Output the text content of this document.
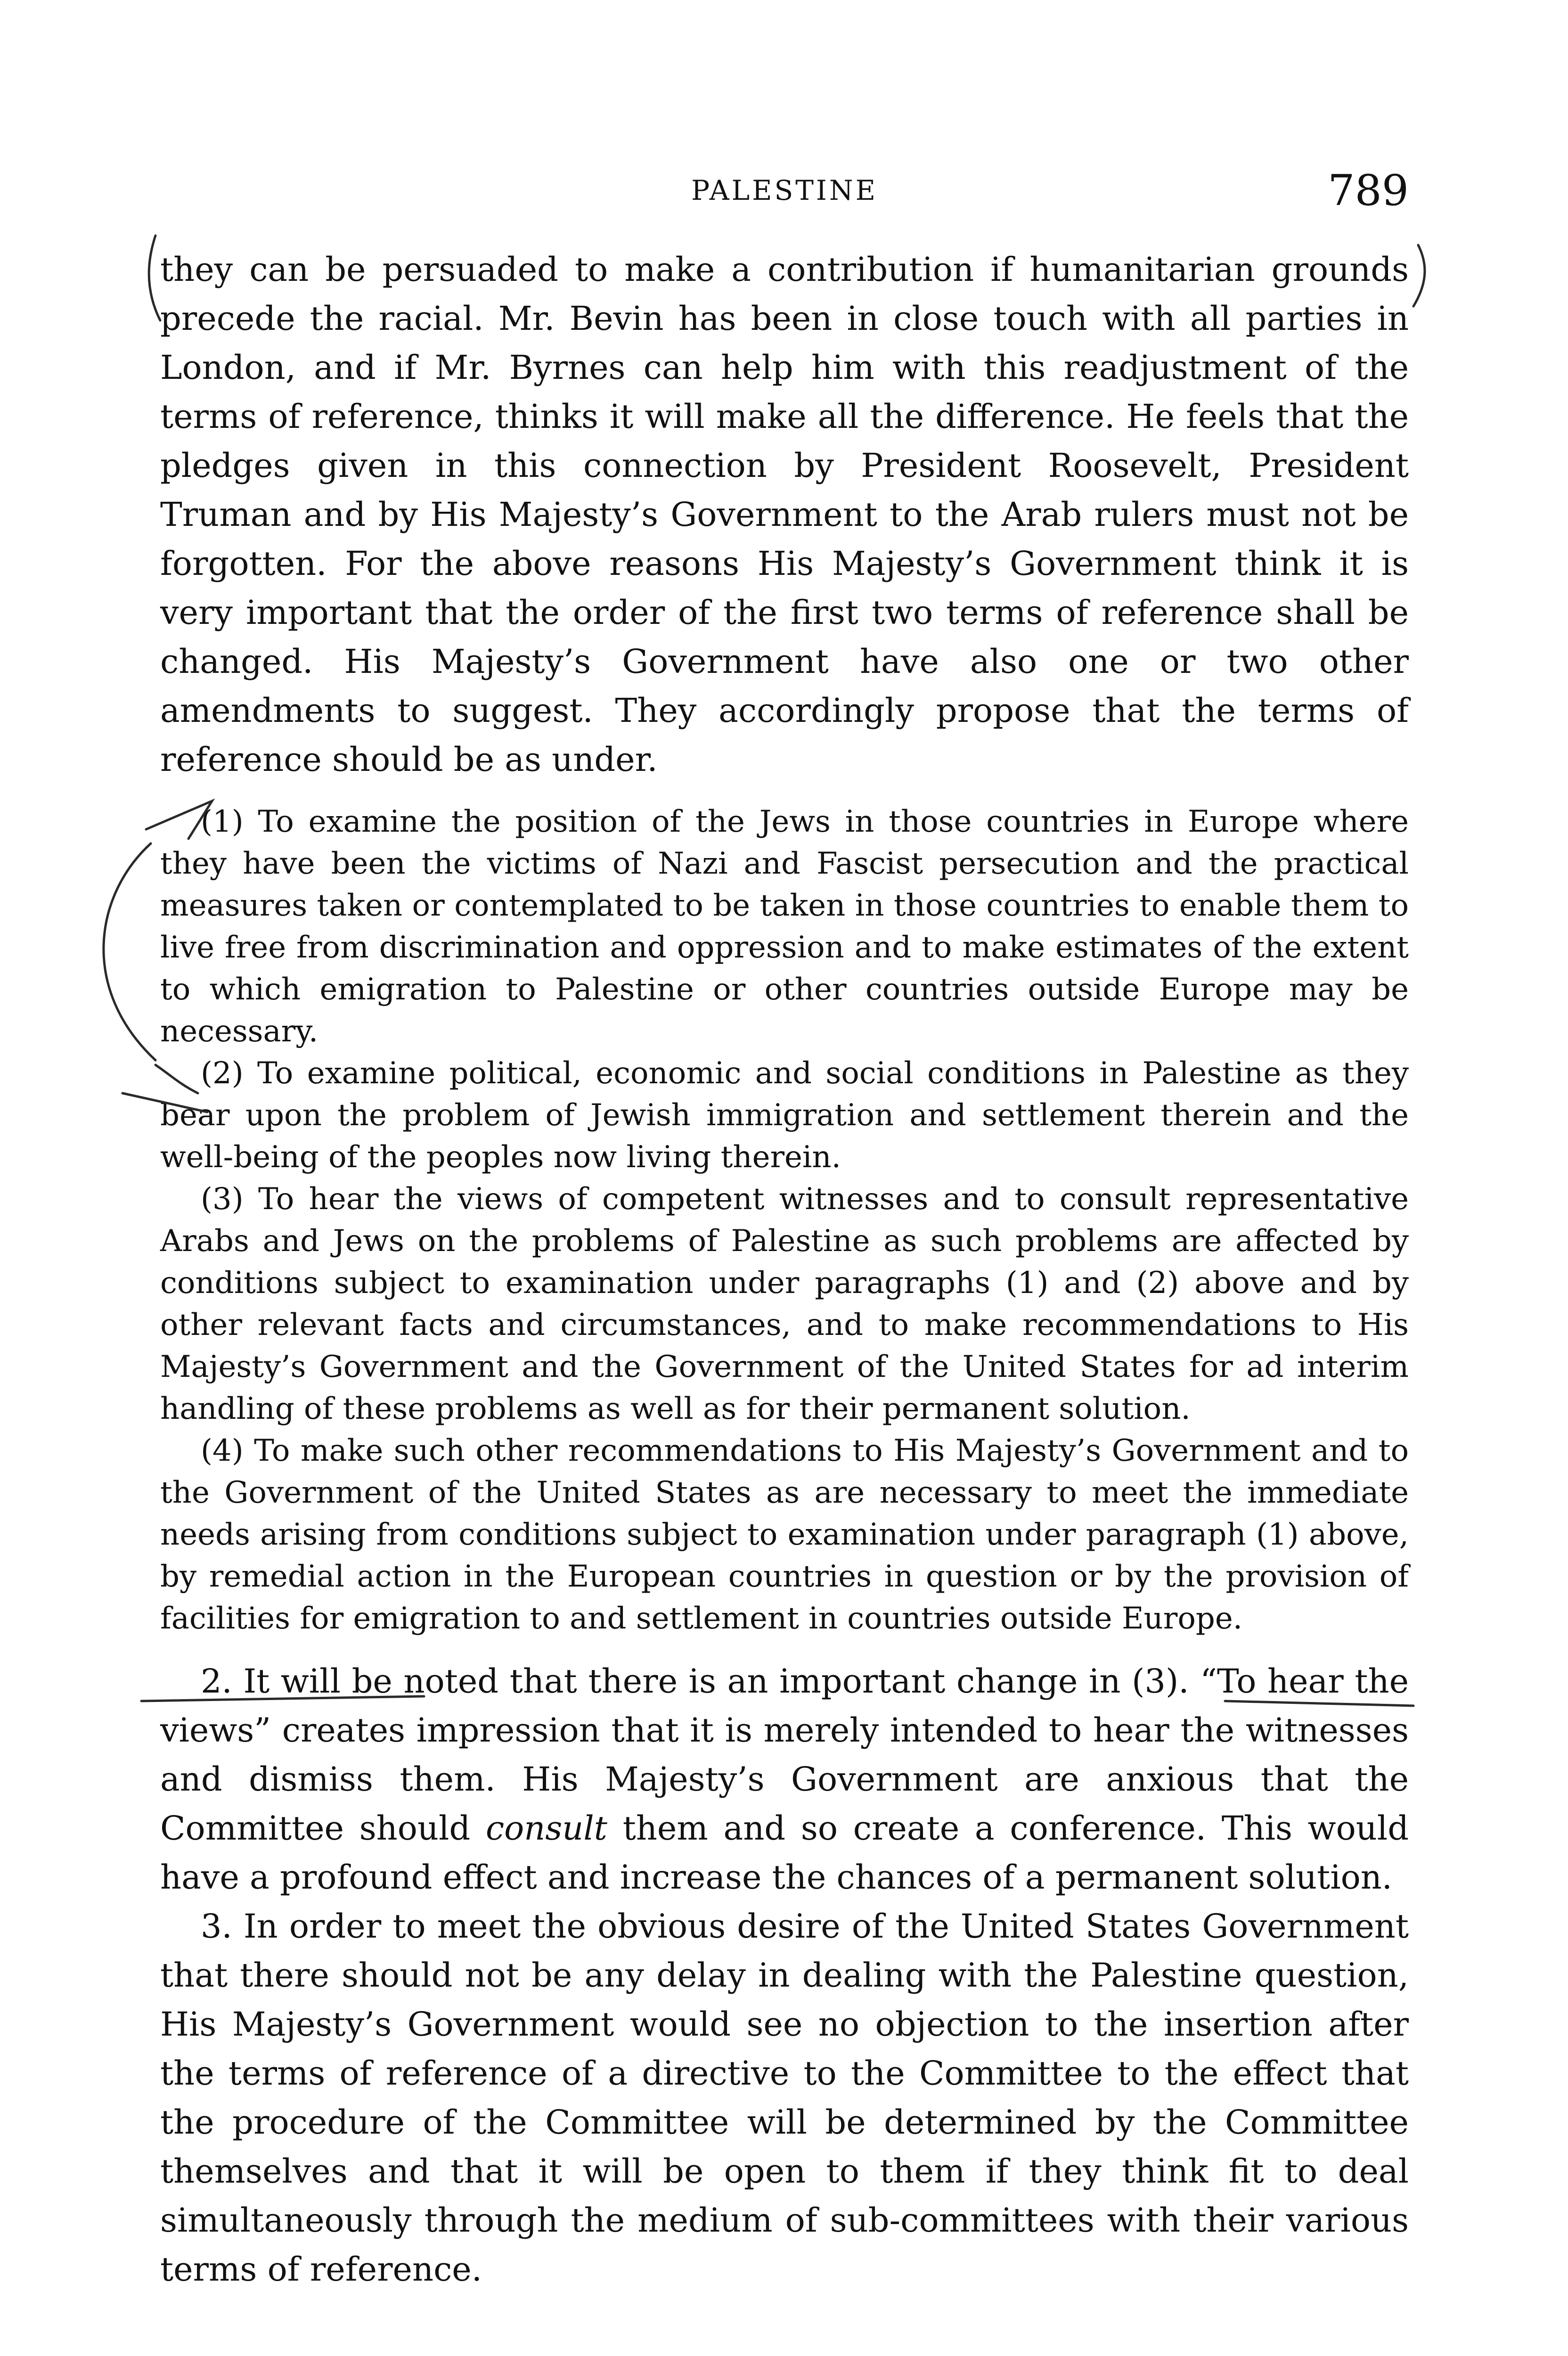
PALESTINE	789

they can be persuaded to make a contribution if humanitarian grounds precede the racial. Mr. Bevin has been in close touch with all parties in London, and if Mr. Byrnes can help him with this readjustment of the terms of reference, thinks it will make all the difference. He feels that the pledges given in this connection by President Roosevelt, President Truman and by His Majesty’s Government to the Arab rulers must not be forgotten. For the above reasons His Majesty’s Government think it is very important that the order of the first two terms of reference shall be changed. His Majesty’s Government have also one or two other amendments to suggest. They accordingly propose that the terms of reference should be as under.

(1) To examine the position of the Jews in those countries in Europe where they have been the victims of Nazi and Fascist persecution and the practical measures taken or contemplated to be taken in those countries to enable them to live free from discrimination and oppression and to make estimates of the extent to which emigration to Palestine or other countries outside Europe may be necessary.

(2) To examine political, economic and social conditions in Palestine as they bear upon the problem of Jewish immigration and settlement therein and the well-being of the peoples now living therein.

(3) To hear the views of competent witnesses and to consult representative Arabs and Jews on the problems of Palestine as such problems are affected by conditions subject to examination under paragraphs (1) and (2) above and by other relevant facts and circumstances, and to make recommendations to His Majesty’s Government and the Government of the United States for ad interim handling of these problems as well as for their permanent solution.

(4) To make such other recommendations to His Majesty’s Government and to the Government of the United States as are necessary to meet the immediate needs arising from conditions subject to examination under paragraph (1) above, by remedial action in the European countries in question or by the provision of facilities for emigration to and settlement in countries outside Europe.

2. It will be noted that there is an important change in (3). “To hear the views” creates impression that it is merely intended to hear the witnesses and dismiss them. His Majesty’s Government are anxious that the Committee should consult them and so create a conference. This would have a profound effect and increase the chances of a permanent solution.

3. In order to meet the obvious desire of the United States Government that there should not be any delay in dealing with the Palestine question, His Majesty’s Government would see no objection to the insertion after the terms of reference of a directive to the Committee to the effect that the procedure of the Committee will be determined by the Committee themselves and that it will be open to them if they think fit to deal simultaneously through the medium of sub-committees with their various terms of reference.
